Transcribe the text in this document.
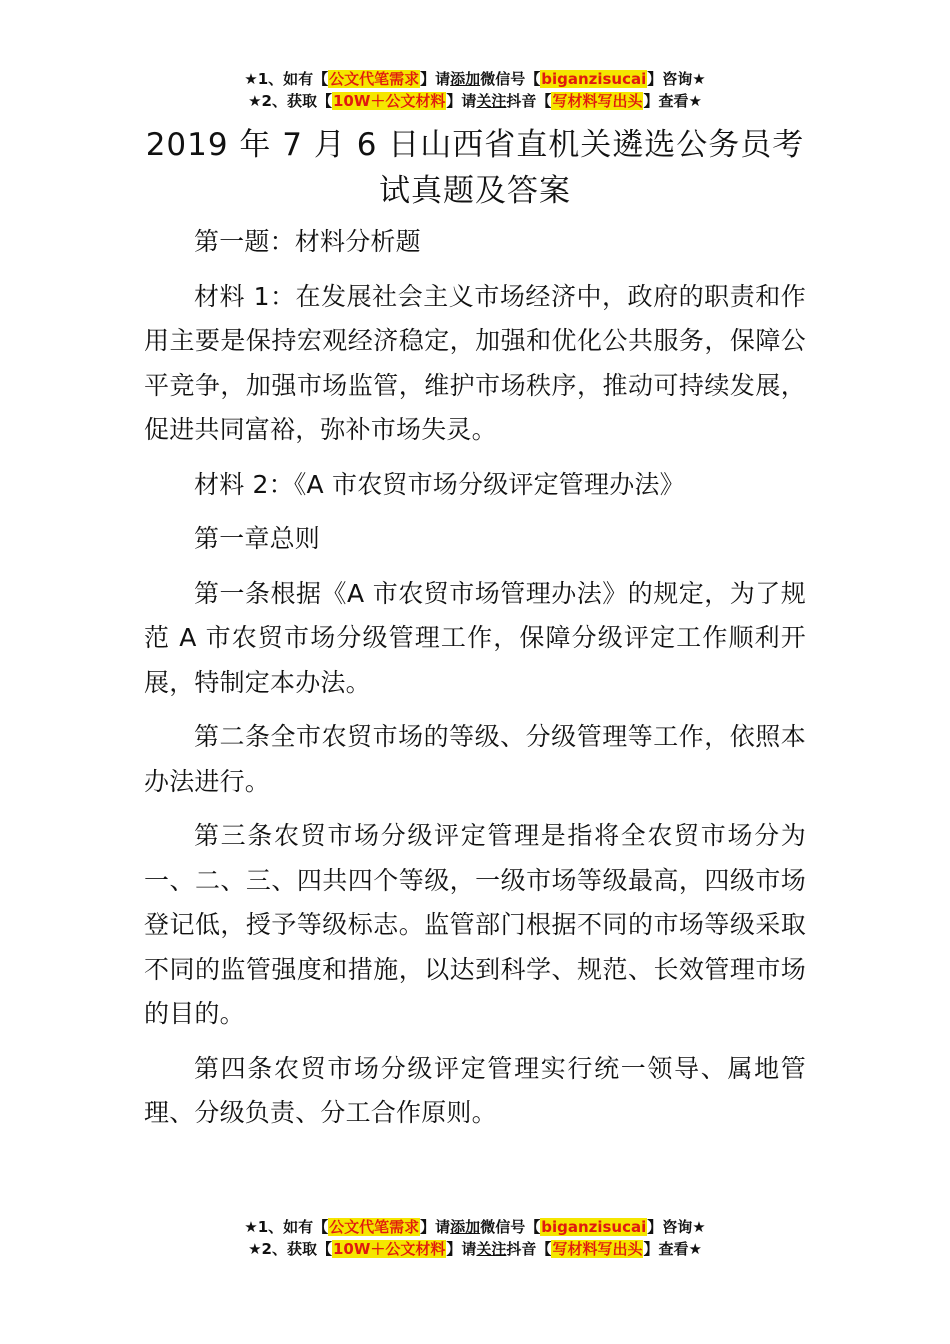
★1、如有【公文代笔需求】请添加微信号【biganzisucai】咨询★
★2、获取【10W＋公文材料】请关注抖音【写材料写出头】查看★
2019 年 7 月 6 日山西省直机关遴选公务员考试真题及答案

第一题：材料分析题

材料 1：在发展社会主义市场经济中，政府的职责和作用主要是保持宏观经济稳定，加强和优化公共服务，保障公平竞争，加强市场监管，维护市场秩序，推动可持续发展，促进共同富裕，弥补市场失灵。

材料 2：《A 市农贸市场分级评定管理办法》

第一章总则

第一条根据《A 市农贸市场管理办法》的规定，为了规范 A 市农贸市场分级管理工作，保障分级评定工作顺利开展，特制定本办法。

第二条全市农贸市场的等级、分级管理等工作，依照本办法进行。

第三条农贸市场分级评定管理是指将全农贸市场分为一、二、三、四共四个等级，一级市场等级最高，四级市场登记低，授予等级标志。监管部门根据不同的市场等级采取不同的监管强度和措施，以达到科学、规范、长效管理市场的目的。

第四条农贸市场分级评定管理实行统一领导、属地管理、分级负责、分工合作原则。

★1、如有【公文代笔需求】请添加微信号【biganzisucai】咨询★
★2、获取【10W＋公文材料】请关注抖音【写材料写出头】查看★
